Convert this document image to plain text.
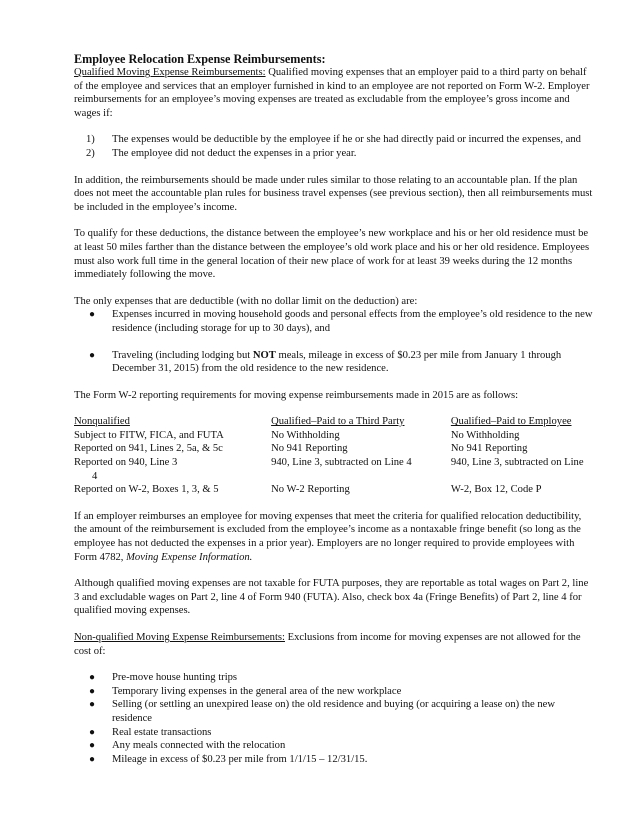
Employee Relocation Expense Reimbursements:

Qualified Moving Expense Reimbursements: Qualified moving expenses that an employer paid to a third party on behalf of the employee and services that an employer furnished in kind to an employee are not reported on Form W-2. Employer reimbursements for an employee’s moving expenses are treated as excludable from the employee’s gross income and wages if:

1) The expenses would be deductible by the employee if he or she had directly paid or incurred the expenses, and
2) The employee did not deduct the expenses in a prior year.

In addition, the reimbursements should be made under rules similar to those relating to an accountable plan. If the plan does not meet the accountable plan rules for business travel expenses (see previous section), then all reimbursements must be included in the employee’s income.

To qualify for these deductions, the distance between the employee’s new workplace and his or her old residence must be at least 50 miles farther than the distance between the employee’s old work place and his or her old residence. Employees must also work full time in the general location of their new place of work for at least 39 weeks during the 12 months immediately following the move.

The only expenses that are deductible (with no dollar limit on the deduction) are:

● Expenses incurred in moving household goods and personal effects from the employee’s old residence to the new residence (including storage for up to 30 days), and
● Traveling (including lodging but NOT meals, mileage in excess of $0.23 per mile from January 1 through December 31, 2015) from the old residence to the new residence.

The Form W-2 reporting requirements for moving expense reimbursements made in 2015 are as follows:

Nonqualified	Qualified–Paid to a Third Party	Qualified–Paid to Employee
Subject to FITW, FICA, and FUTA	No Withholding	No Withholding
Reported on 941, Lines 2, 5a, & 5c	No 941 Reporting	No 941 Reporting
Reported on 940, Line 3	940, Line 3, subtracted on Line 4	940, Line 3, subtracted on Line
4		
Reported on W-2, Boxes 1, 3, & 5	No W-2 Reporting	W-2, Box 12, Code P

If an employer reimburses an employee for moving expenses that meet the criteria for qualified relocation deductibility, the amount of the reimbursement is excluded from the employee’s income as a nontaxable fringe benefit (so long as the employee has not deducted the expenses in a prior year). Employers are no longer required to provide employees with Form 4782, Moving Expense Information.

Although qualified moving expenses are not taxable for FUTA purposes, they are reportable as total wages on Part 2, line 3 and excludable wages on Part 2, line 4 of Form 940 (FUTA). Also, check box 4a (Fringe Benefits) of Part 2, line 4 for qualified moving expenses.

Non-qualified Moving Expense Reimbursements: Exclusions from income for moving expenses are not allowed for the cost of:

● Pre-move house hunting trips
● Temporary living expenses in the general area of the new workplace
● Selling (or settling an unexpired lease on) the old residence and buying (or acquiring a lease on) the new residence
● Real estate transactions
● Any meals connected with the relocation
● Mileage in excess of $0.23 per mile from 1/1/15 – 12/31/15.
